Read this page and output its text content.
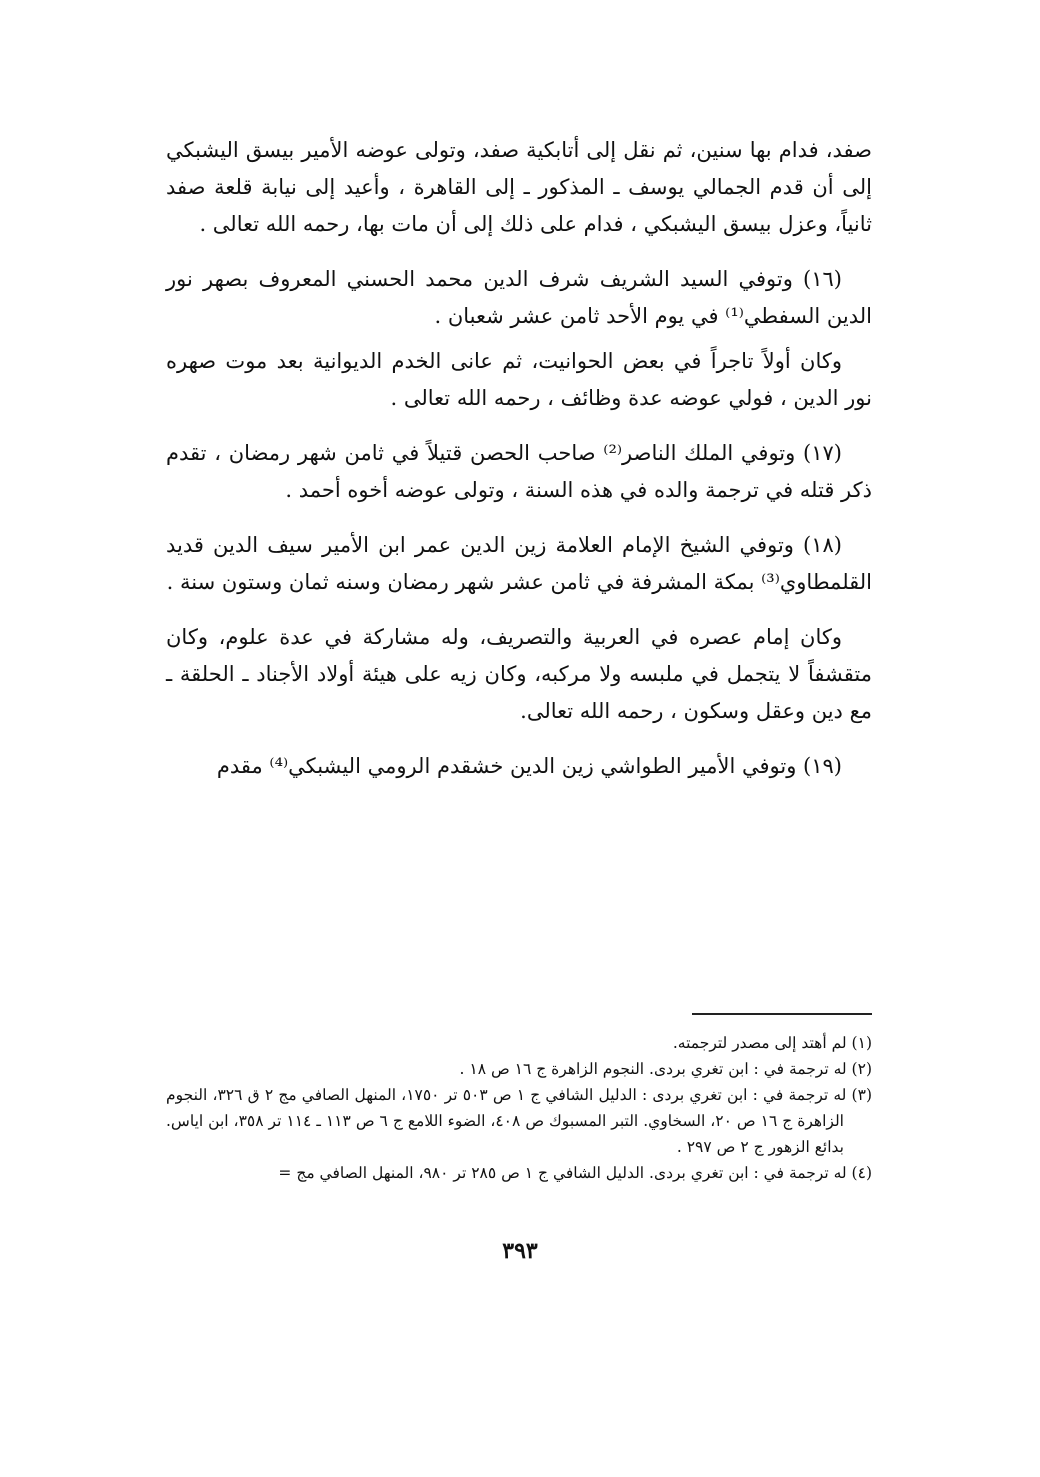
صفد، فدام بها سنين، ثم نقل إلى أتابكية صفد، وتولى عوضه الأمير بيسق اليشبكي إلى أن قدم الجمالي يوسف ـ المذكور ـ إلى القاهرة ، وأعيد إلى نيابة قلعة صفد ثانياً، وعزل بيسق اليشبكي ، فدام على ذلك إلى أن مات بها، رحمه الله تعالى .

(١٦) وتوفي السيد الشريف شرف الدين محمد الحسني المعروف بصهر نور الدين السفطي⁽¹⁾ في يوم الأحد ثامن عشر شعبان .

وكان أولاً تاجراً في بعض الحوانيت، ثم عانى الخدم الديوانية بعد موت صهره نور الدين ، فولي عوضه عدة وظائف ، رحمه الله تعالى .

(١٧) وتوفي الملك الناصر⁽²⁾ صاحب الحصن قتيلاً في ثامن شهر رمضان ، تقدم ذكر قتله في ترجمة والده في هذه السنة ، وتولى عوضه أخوه أحمد .

(١٨) وتوفي الشيخ الإمام العلامة زين الدين عمر ابن الأمير سيف الدين قديد القلمطاوي⁽³⁾ بمكة المشرفة في ثامن عشر شهر رمضان وسنه ثمان وستون سنة .

وكان إمام عصره في العربية والتصريف، وله مشاركة في عدة علوم، وكان متقشفاً لا يتجمل في ملبسه ولا مركبه، وكان زيه على هيئة أولاد الأجناد ـ الحلقة ـ مع دين وعقل وسكون ، رحمه الله تعالى.

(١٩) وتوفي الأمير الطواشي زين الدين خشقدم الرومي اليشبكي⁽⁴⁾ مقدم

(١) لم أهتد إلى مصدر لترجمته.

(٢) له ترجمة في : ابن تغري بردى. النجوم الزاهرة ج ١٦ ص ١٨ .

(٣) له ترجمة في : ابن تغري بردى : الدليل الشافي ج ١ ص ٥٠٣ تر ١٧٥٠، المنهل الصافي مج ٢ ق ٣٢٦، النجوم الزاهرة ج ١٦ ص ٢٠، السخاوي. التبر المسبوك ص ٤٠٨، الضوء اللامع ج ٦ ص ١١٣ ـ ١١٤ تر ٣٥٨، ابن اياس. بدائع الزهور ج ٢ ص ٢٩٧ .

(٤) له ترجمة في : ابن تغري بردى. الدليل الشافي ج ١ ص ٢٨٥ تر ٩٨٠، المنهل الصافي مج =

٣٩٣
